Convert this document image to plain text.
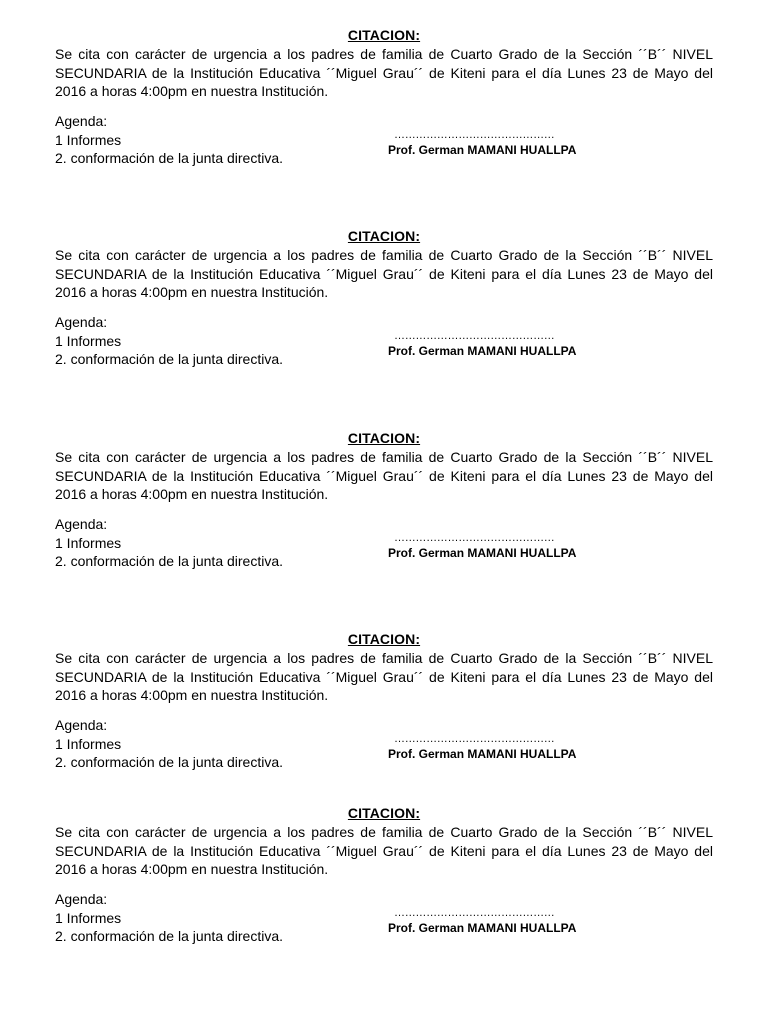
CITACION:

Se cita con carácter de urgencia a los padres de familia de Cuarto Grado de la Sección ´´B´´ NIVEL SECUNDARIA de la Institución Educativa ´´Miguel Grau´´ de Kiteni para el día Lunes 23 de Mayo del 2016 a horas 4:00pm en nuestra Institución.

Agenda:
1 Informes
2. conformación de la junta directiva.
………………………………………
Prof. German MAMANI HUALLPA
CITACION:

Se cita con carácter de urgencia a los padres de familia de Cuarto Grado de la Sección ´´B´´ NIVEL SECUNDARIA de la Institución Educativa ´´Miguel Grau´´ de Kiteni para el día Lunes 23 de Mayo del 2016 a horas 4:00pm en nuestra Institución.

Agenda:
1 Informes
2. conformación de la junta directiva.
………………………………………
Prof. German MAMANI HUALLPA
CITACION:

Se cita con carácter de urgencia a los padres de familia de Cuarto Grado de la Sección ´´B´´ NIVEL SECUNDARIA de la Institución Educativa ´´Miguel Grau´´ de Kiteni para el día Lunes 23 de Mayo del 2016 a horas 4:00pm en nuestra Institución.

Agenda:
1 Informes
2. conformación de la junta directiva.
………………………………………
Prof. German MAMANI HUALLPA
CITACION:

Se cita con carácter de urgencia a los padres de familia de Cuarto Grado de la Sección ´´B´´ NIVEL SECUNDARIA de la Institución Educativa ´´Miguel Grau´´ de Kiteni para el día Lunes 23 de Mayo del 2016 a horas 4:00pm en nuestra Institución.

Agenda:
1 Informes
2. conformación de la junta directiva.
………………………………………
Prof. German MAMANI HUALLPA
CITACION:

Se cita con carácter de urgencia a los padres de familia de Cuarto Grado de la Sección ´´B´´ NIVEL SECUNDARIA de la Institución Educativa ´´Miguel Grau´´ de Kiteni para el día Lunes 23 de Mayo del 2016 a horas 4:00pm en nuestra Institución.

Agenda:
1 Informes
2. conformación de la junta directiva.
………………………………………
Prof. German MAMANI HUALLPA
